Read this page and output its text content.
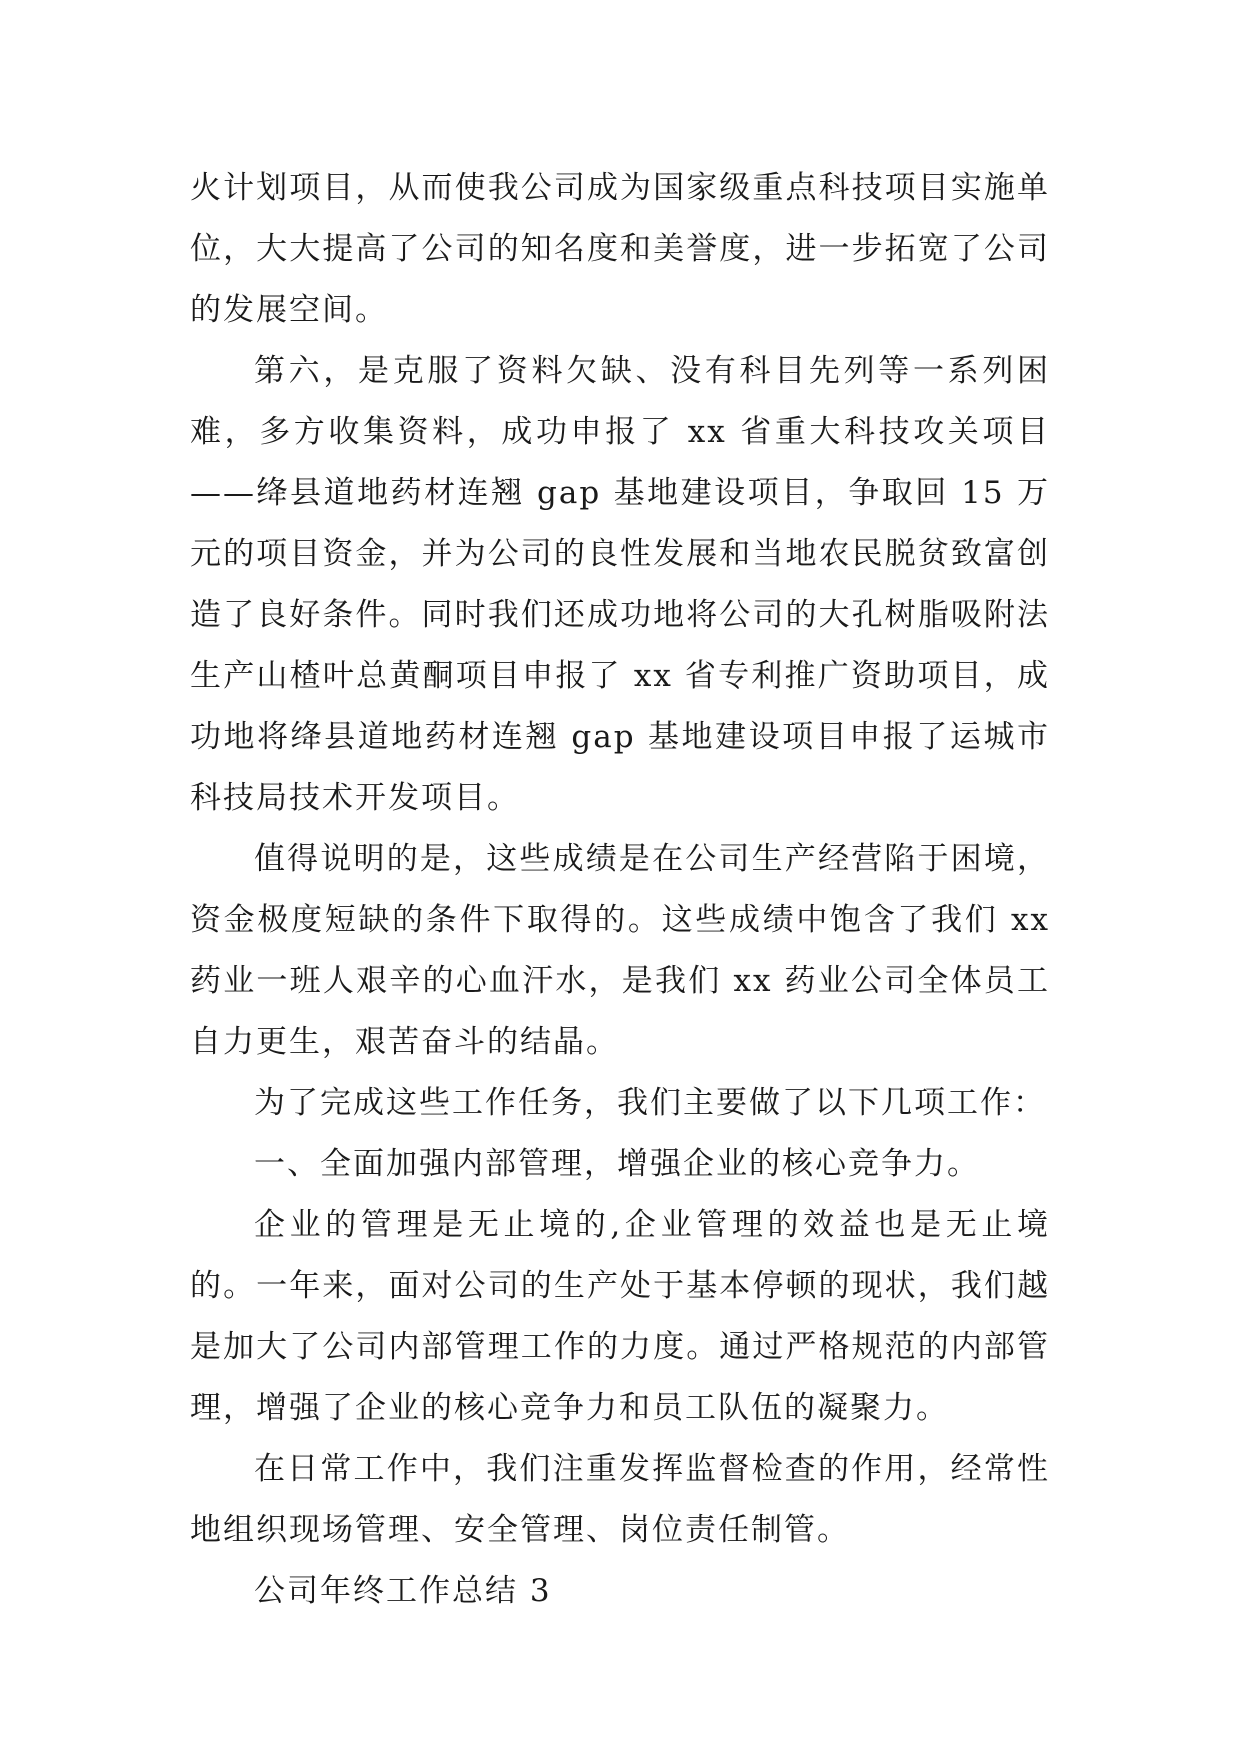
火计划项目，从而使我公司成为国家级重点科技项目实施单位，大大提高了公司的知名度和美誉度，进一步拓宽了公司的发展空间。

第六，是克服了资料欠缺、没有科目先列等一系列困难，多方收集资料，成功申报了 xx 省重大科技攻关项目——绛县道地药材连翘 gap 基地建设项目，争取回 15 万元的项目资金，并为公司的良性发展和当地农民脱贫致富创造了良好条件。同时我们还成功地将公司的大孔树脂吸附法生产山楂叶总黄酮项目申报了 xx 省专利推广资助项目，成功地将绛县道地药材连翘 gap 基地建设项目申报了运城市科技局技术开发项目。

值得说明的是，这些成绩是在公司生产经营陷于困境，资金极度短缺的条件下取得的。这些成绩中饱含了我们 xx 药业一班人艰辛的心血汗水，是我们 xx 药业公司全体员工自力更生，艰苦奋斗的结晶。

为了完成这些工作任务，我们主要做了以下几项工作：

一、全面加强内部管理，增强企业的核心竞争力。

企业的管理是无止境的,企业管理的效益也是无止境的。一年来，面对公司的生产处于基本停顿的现状，我们越是加大了公司内部管理工作的力度。通过严格规范的内部管理，增强了企业的核心竞争力和员工队伍的凝聚力。

在日常工作中，我们注重发挥监督检查的作用，经常性地组织现场管理、安全管理、岗位责任制管。

公司年终工作总结 3
